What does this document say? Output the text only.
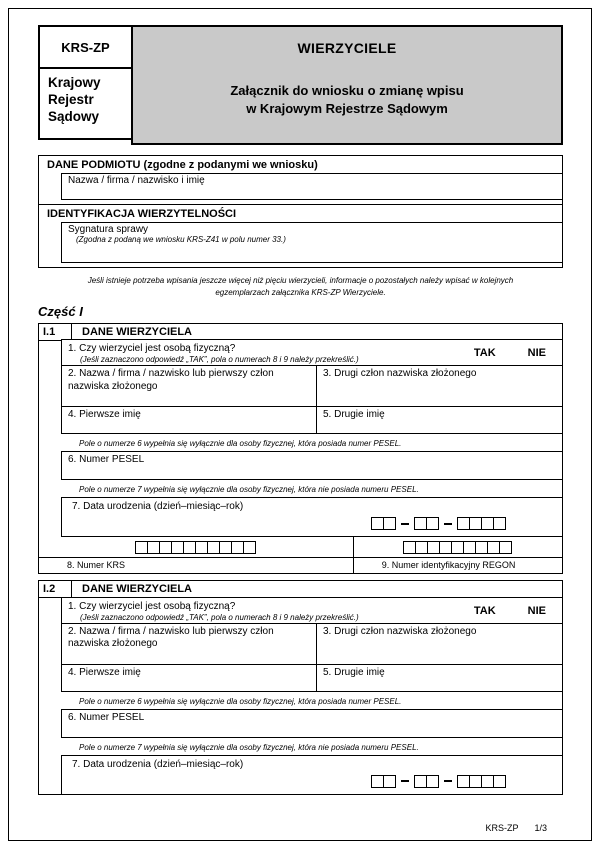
KRS-ZP
Krajowy Rejestr Sądowy
WIERZYCIELE
Załącznik do wniosku o zmianę wpisu
w Krajowym Rejestrze Sądowym
DANE PODMIOTU (zgodne z podanymi we wniosku)
Nazwa / firma / nazwisko i imię
IDENTYFIKACJA WIERZYTELNOŚCI
Sygnatura sprawy
(Zgodna z podaną we wniosku KRS-Z41 w polu numer 33.)
Jeśli istnieje potrzeba wpisania jeszcze więcej niż pięciu wierzycieli, informacje o pozostałych należy wpisać w kolejnych egzemplarzach załącznika KRS-ZP Wierzyciele.
Część I
I.1	DANE WIERZYCIELA
1. Czy wierzyciel jest osobą fizyczną?
(Jeśli zaznaczono odpowiedź „TAK”, pola o numerach 8 i 9 należy przekreślić.)
TAK	NIE
2. Nazwa / firma / nazwisko lub pierwszy człon nazwiska złożonego
3. Drugi człon nazwiska złożonego
4. Pierwsze imię	5. Drugie imię
Pole o numerze 6 wypełnia się wyłącznie dla osoby fizycznej, która posiada numer PESEL.
6. Numer PESEL
Pole o numerze 7 wypełnia się wyłącznie dla osoby fizycznej, która nie posiada numeru PESEL.
7. Data urodzenia (dzień–miesiąc–rok)
8. Numer KRS	9. Numer identyfikacyjny REGON
I.2	DANE WIERZYCIELA
1. Czy wierzyciel jest osobą fizyczną?
(Jeśli zaznaczono odpowiedź „TAK”, pola o numerach 8 i 9 należy przekreślić.)
TAK	NIE
2. Nazwa / firma / nazwisko lub pierwszy człon nazwiska złożonego
3. Drugi człon nazwiska złożonego
4. Pierwsze imię	5. Drugie imię
Pole o numerze 6 wypełnia się wyłącznie dla osoby fizycznej, która posiada numer PESEL.
6. Numer PESEL
Pole o numerze 7 wypełnia się wyłącznie dla osoby fizycznej, która nie posiada numeru PESEL.
7. Data urodzenia (dzień–miesiąc–rok)
KRS-ZP 1/3
